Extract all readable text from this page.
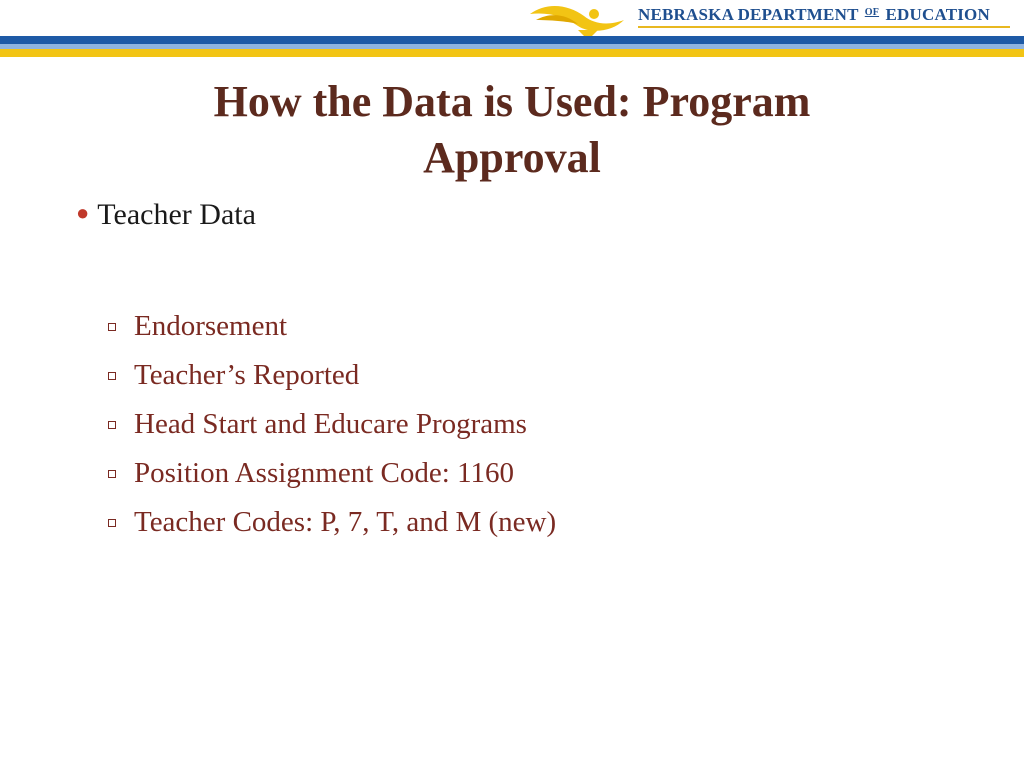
NEBRASKA DEPARTMENT $^{OF}$ EDUCATION
How the Data is Used: Program
Approval
● Teacher Data
Endorsement
Teacher’s Reported
Head Start and Educare Programs
Position Assignment Code: 1160
Teacher Codes: P, 7, T, and M (new)
